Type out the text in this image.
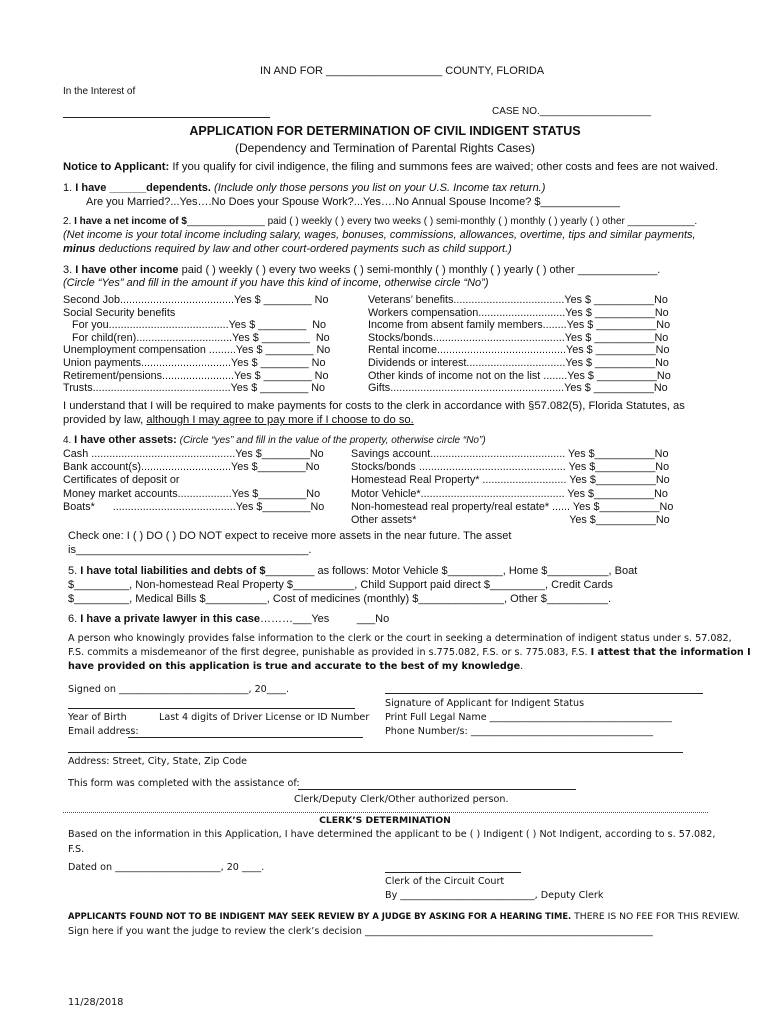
IN AND FOR ___________________ COUNTY, FLORIDA
In the Interest of
CASE NO.____________________
APPLICATION FOR DETERMINATION OF CIVIL INDIGENT STATUS
(Dependency and Termination of Parental Rights Cases)
Notice to Applicant: If you qualify for civil indigence, the filing and summons fees are waived; other costs and fees are not waived.
1. I have ______dependents. (Include only those persons you list on your U.S. Income tax return.)
Are you Married?...Yes….No Does your Spouse Work?...Yes….No Annual Spouse Income? $_____________
2. I have a net income of $______________ paid ( ) weekly ( ) every two weeks ( ) semi-monthly ( ) monthly ( ) yearly ( ) other ____________.
(Net income is your total income including salary, wages, bonuses, commissions, allowances, overtime, tips and similar payments,
minus deductions required by law and other court-ordered payments such as child support.)
3. I have other income paid ( ) weekly ( ) every two weeks ( ) semi-monthly ( ) monthly ( ) yearly ( ) other _____________.
(Circle “Yes” and fill in the amount if you have this kind of income, otherwise circle “No”)
Second Job......................................Yes $ ________ No
Social Security benefits
For you........................................Yes $ ________  No
For child(ren)................................Yes $ ________  No
Unemployment compensation .........Yes $ ________ No
Union payments..............................Yes $ ________ No
Retirement/pensions........................Yes $ ________ No
Trusts..............................................Yes $ ________ No
Veterans’ benefits.....................................Yes $ __________No
Workers compensation.............................Yes $ __________No
Income from absent family members........Yes $ __________No
Stocks/bonds............................................Yes $ __________No
Rental income...........................................Yes $ __________No
Dividends or interest.................................Yes $ __________No
Other kinds of income not on the list ........Yes $ __________No
Gifts..........................................................Yes $ __________No
I understand that I will be required to make payments for costs to the clerk in accordance with §57.082(5), Florida Statutes, as
provided by law, although I may agree to pay more if I choose to do so.
4. I have other assets: (Circle “yes” and fill in the value of the property, otherwise circle “No”)
Cash ................................................Yes $________No
Bank account(s)..............................Yes $________No
Certificates of deposit or
Money market accounts..................Yes $________No
Boats*      .........................................Yes $________No
Savings account............................................. Yes $__________No
Stocks/bonds ................................................. Yes $__________No
Homestead Real Property* ............................ Yes $__________No
Motor Vehicle*................................................ Yes $__________No
Non-homestead real property/real estate* ...... Yes $__________No
Other assets*                                                   Yes $__________No
Check one: I ( ) DO ( ) DO NOT expect to receive more assets in the near future. The asset
is______________________________________.
5. I have total liabilities and debts of $________ as follows: Motor Vehicle $_________, Home $__________, Boat
$_________, Non-homestead Real Property $__________, Child Support paid direct $_________, Credit Cards
$_________, Medical Bills $__________, Cost of medicines (monthly) $______________, Other $__________.
6. I have a private lawyer in this case………___Yes         ___No
A person who knowingly provides false information to the clerk or the court in seeking a determination of indigent status under s. 57.082,
F.S. commits a misdemeanor of the first degree, punishable as provided in s.775.082, F.S. or s. 775.083, F.S. I attest that the information I
have provided on this application is true and accurate to the best of my knowledge.
Signed on ___________________________, 20____.
Signature of Applicant for Indigent Status
Year of Birth	Last 4 digits of Driver License or ID Number Print Full Legal Name ______________________________________
Email address:	Phone Number/s: ______________________________________
Address: Street, City, State, Zip Code
This form was completed with the assistance of:
Clerk/Deputy Clerk/Other authorized person.
CLERK’S DETERMINATION
Based on the information in this Application, I have determined the applicant to be ( ) Indigent ( ) Not Indigent, according to s. 57.082,
F.S.
Dated on ______________________, 20 ____.
Clerk of the Circuit Court
By ____________________________, Deputy Clerk
APPLICANTS FOUND NOT TO BE INDIGENT MAY SEEK REVIEW BY A JUDGE BY ASKING FOR A HEARING TIME. THERE IS NO FEE FOR THIS REVIEW.
Sign here if you want the judge to review the clerk’s decision ____________________________________________________________
11/28/2018
